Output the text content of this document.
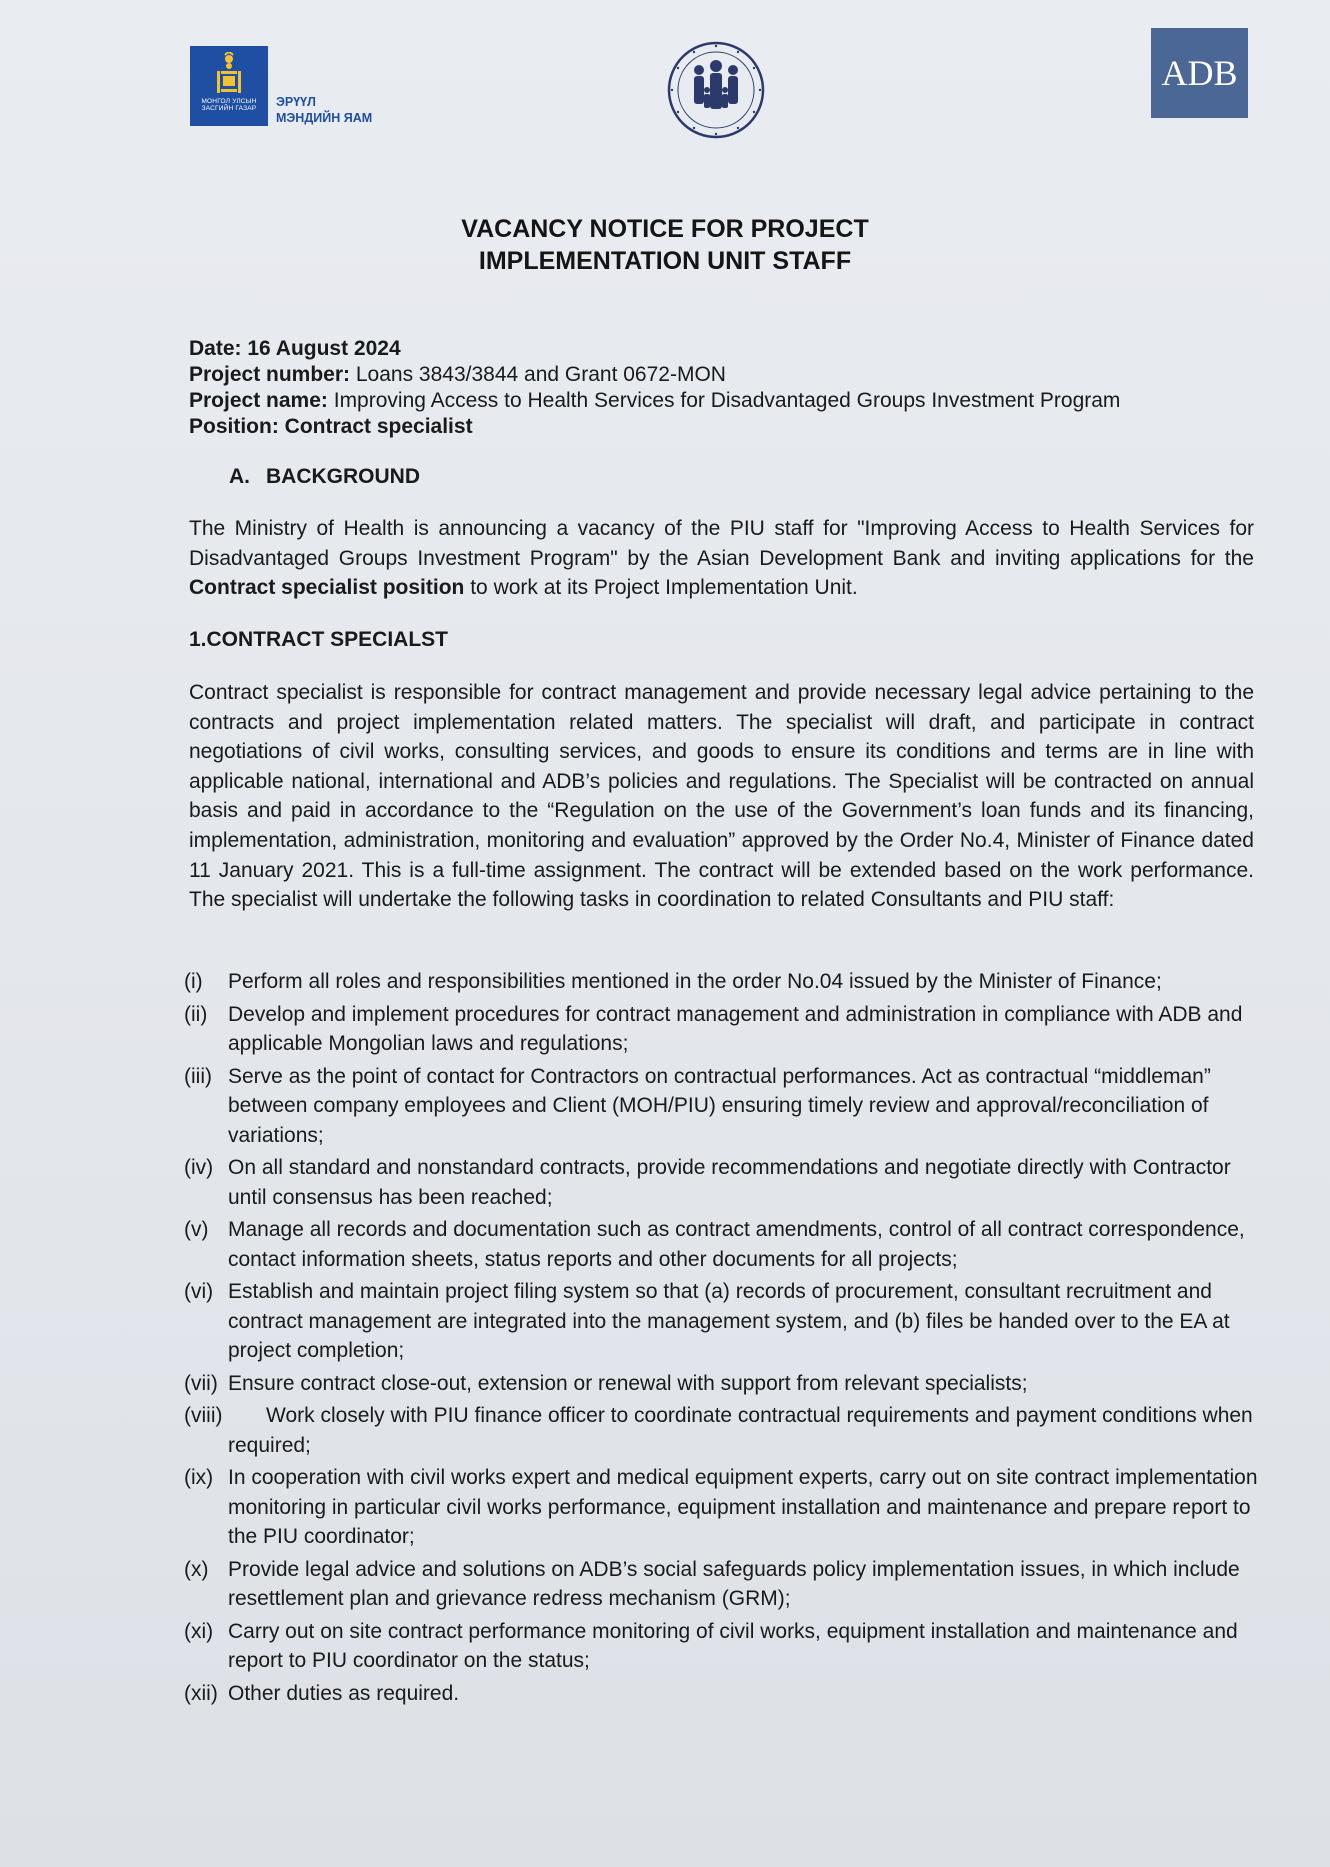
МОНГОЛ УЛСЫН ЗАСГИЙН ГАЗАР	ЭРҮҮЛ
МЭНДИЙН ЯАМ
ADB
VACANCY NOTICE FOR PROJECT
IMPLEMENTATION UNIT STAFF
Date: 16 August 2024
Project number: Loans 3843/3844 and Grant 0672-MON
Project name: Improving Access to Health Services for Disadvantaged Groups Investment Program
Position: Contract specialist
A. BACKGROUND
The Ministry of Health is announcing a vacancy of the PIU staff for "Improving Access to Health Services for Disadvantaged Groups Investment Program" by the Asian Development Bank and inviting applications for the Contract specialist position to work at its Project Implementation Unit.
1.CONTRACT SPECIALST
Contract specialist is responsible for contract management and provide necessary legal advice pertaining to the contracts and project implementation related matters. The specialist will draft, and participate in contract negotiations of civil works, consulting services, and goods to ensure its conditions and terms are in line with applicable national, international and ADB’s policies and regulations. The Specialist will be contracted on annual basis and paid in accordance to the “Regulation on the use of the Government’s loan funds and its financing, implementation, administration, monitoring and evaluation” approved by the Order No.4, Minister of Finance dated 11 January 2021. This is a full-time assignment. The contract will be extended based on the work performance. The specialist will undertake the following tasks in coordination to related Consultants and PIU staff:
(i)	Perform all roles and responsibilities mentioned in the order No.04 issued by the Minister of Finance;
(ii) Develop and implement procedures for contract management and administration in compliance with ADB and applicable Mongolian laws and regulations;
(iii) Serve as the point of contact for Contractors on contractual performances. Act as contractual “middleman” between company employees and Client (MOH/PIU) ensuring timely review and approval/reconciliation of variations;
(iv) On all standard and nonstandard contracts, provide recommendations and negotiate directly with Contractor until consensus has been reached;
(v) Manage all records and documentation such as contract amendments, control of all contract correspondence, contact information sheets, status reports and other documents for all projects;
(vi) Establish and maintain project filing system so that (a) records of procurement, consultant recruitment and contract management are integrated into the management system, and (b) files be handed over to the EA at project completion;
(vii) Ensure contract close-out, extension or renewal with support from relevant specialists;
(viii)	Work closely with PIU finance officer to coordinate contractual requirements and payment conditions when required;
(ix) In cooperation with civil works expert and medical equipment experts, carry out on site contract implementation monitoring in particular civil works performance, equipment installation and maintenance and prepare report to the PIU coordinator;
(x) Provide legal advice and solutions on ADB’s social safeguards policy implementation issues, in which include resettlement plan and grievance redress mechanism (GRM);
(xi) Carry out on site contract performance monitoring of civil works, equipment installation and maintenance and report to PIU coordinator on the status;
(xii) Other duties as required.
